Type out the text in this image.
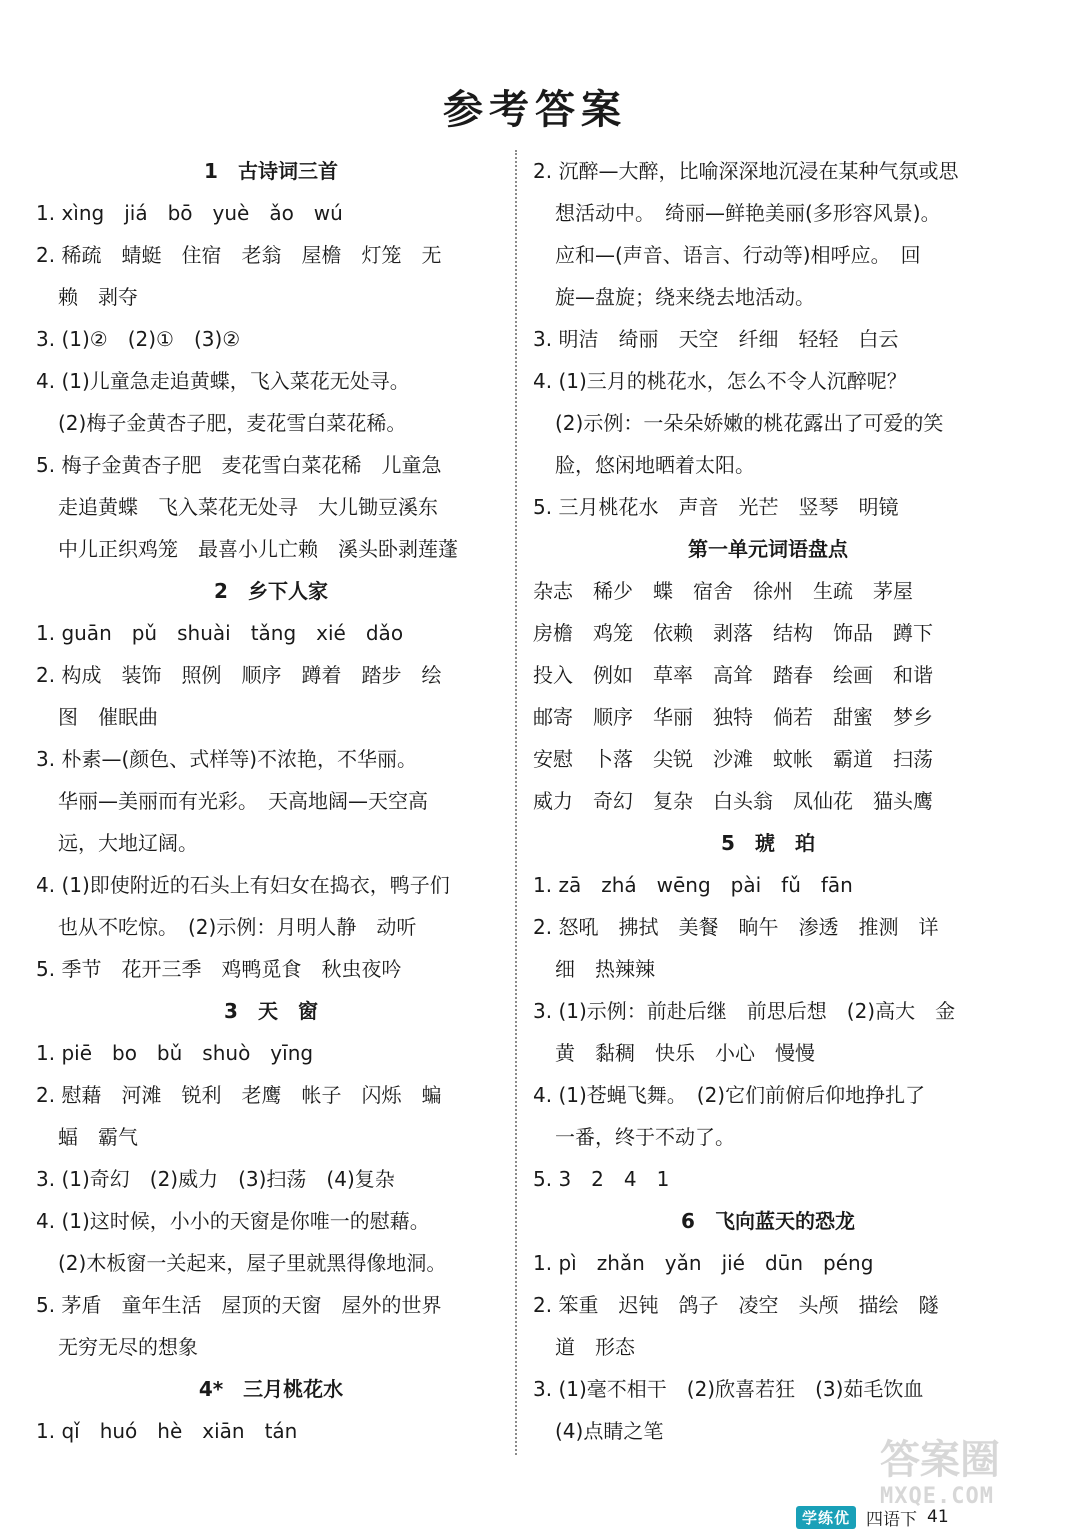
参考答案
1　古诗词三首
1. xìng　jiá　bō　yuè　ǎo　wú
2. 稀疏　蜻蜓　住宿　老翁　屋檐　灯笼　无
赖　剥夺
3. (1)②　(2)①　(3)②
4. (1)儿童急走追黄蝶，飞入菜花无处寻。
(2)梅子金黄杏子肥，麦花雪白菜花稀。
5. 梅子金黄杏子肥　麦花雪白菜花稀　儿童急
走追黄蝶　飞入菜花无处寻　大儿锄豆溪东
中儿正织鸡笼　最喜小儿亡赖　溪头卧剥莲蓬
2　乡下人家
1. guān　pǔ　shuài　tǎng　xié　dǎo
2. 构成　装饰　照例　顺序　蹲着　踏步　绘
图　催眠曲
3. 朴素—(颜色、式样等)不浓艳，不华丽。
华丽—美丽而有光彩。　天高地阔—天空高
远，大地辽阔。
4. (1)即使附近的石头上有妇女在捣衣，鸭子们
也从不吃惊。　(2)示例：月明人静　动听
5. 季节　花开三季　鸡鸭觅食　秋虫夜吟
3　天　窗
1. piē　bo　bǔ　shuò　yīng
2. 慰藉　河滩　锐利　老鹰　帐子　闪烁　蝙
蝠　霸气
3. (1)奇幻　(2)威力　(3)扫荡　(4)复杂
4. (1)这时候，小小的天窗是你唯一的慰藉。
(2)木板窗一关起来，屋子里就黑得像地洞。
5. 茅盾　童年生活　屋顶的天窗　屋外的世界
无穷无尽的想象
4*　三月桃花水
1. qǐ　huó　hè　xiān　tán
2. 沉醉—大醉，比喻深深地沉浸在某种气氛或思
想活动中。　绮丽—鲜艳美丽(多形容风景)。
应和—(声音、语言、行动等)相呼应。　回
旋—盘旋；绕来绕去地活动。
3. 明洁　绮丽　天空　纤细　轻轻　白云
4. (1)三月的桃花水，怎么不令人沉醉呢？
(2)示例：一朵朵娇嫩的桃花露出了可爱的笑
脸，悠闲地晒着太阳。
5. 三月桃花水　声音　光芒　竖琴　明镜
第一单元词语盘点
杂志　稀少　蝶　宿舍　徐州　生疏　茅屋
房檐　鸡笼　依赖　剥落　结构　饰品　蹲下
投入　例如　草率　高耸　踏春　绘画　和谐
邮寄　顺序　华丽　独特　倘若　甜蜜　梦乡
安慰　卜落　尖锐　沙滩　蚊帐　霸道　扫荡
威力　奇幻　复杂　白头翁　凤仙花　猫头鹰
5　琥　珀
1. zā　zhá　wēng　pài　fǔ　fān
2. 怒吼　拂拭　美餐　晌午　渗透　推测　详
细　热辣辣
3. (1)示例：前赴后继　前思后想　(2)高大　金
黄　黏稠　快乐　小心　慢慢
4. (1)苍蝇飞舞。　(2)它们前俯后仰地挣扎了
一番，终于不动了。
5. 3　2　4　1
6　飞向蓝天的恐龙
1. pì　zhǎn　yǎn　jié　dūn　péng
2. 笨重　迟钝　鸽子　凌空　头颅　描绘　隧
道　形态
3. (1)毫不相干　(2)欣喜若狂　(3)茹毛饮血
(4)点睛之笔
学练优 四语下 41
答案圈
MXQE.COM
